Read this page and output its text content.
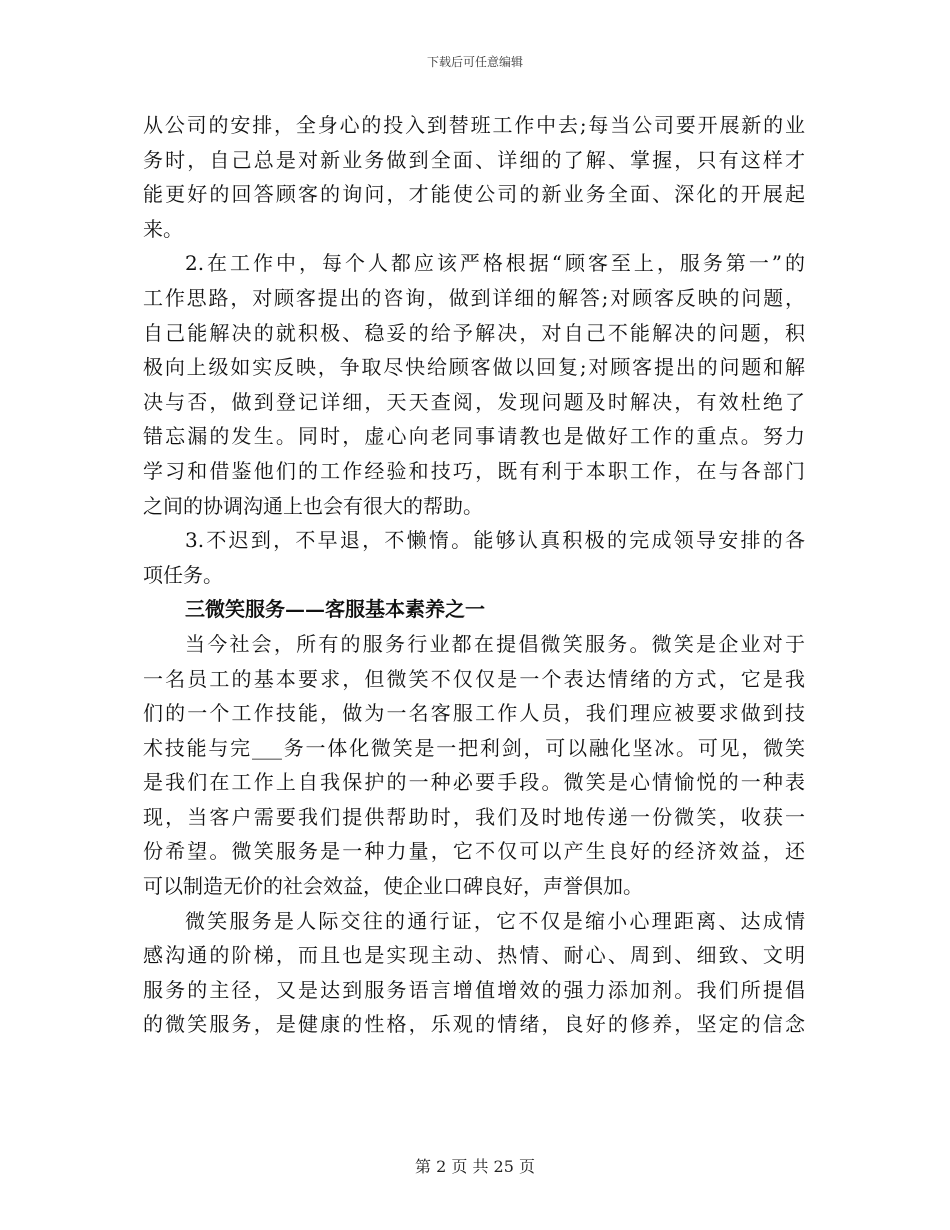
下载后可任意编辑
从公司的安排，全身心的投入到替班工作中去;每当公司要开展新的业
务时，自己总是对新业务做到全面、详细的了解、掌握，只有这样才
能更好的回答顾客的询问，才能使公司的新业务全面、深化的开展起
来。
2.在工作中，每个人都应该严格根据“顾客至上，服务第一”的
工作思路，对顾客提出的咨询，做到详细的解答;对顾客反映的问题，
自己能解决的就积极、稳妥的给予解决，对自己不能解决的问题，积
极向上级如实反映，争取尽快给顾客做以回复;对顾客提出的问题和解
决与否，做到登记详细，天天查阅，发现问题及时解决，有效杜绝了
错忘漏的发生。同时，虚心向老同事请教也是做好工作的重点。努力
学习和借鉴他们的工作经验和技巧，既有利于本职工作，在与各部门
之间的协调沟通上也会有很大的帮助。
3.不迟到，不早退，不懒惰。能够认真积极的完成领导安排的各
项任务。
三微笑服务——客服基本素养之一
当今社会，所有的服务行业都在提倡微笑服务。微笑是企业对于
一名员工的基本要求，但微笑不仅仅是一个表达情绪的方式，它是我
们的一个工作技能，做为一名客服工作人员，我们理应被要求做到技
术技能与完___务一体化微笑是一把利剑，可以融化坚冰。可见，微笑
是我们在工作上自我保护的一种必要手段。微笑是心情愉悦的一种表
现，当客户需要我们提供帮助时，我们及时地传递一份微笑，收获一
份希望。微笑服务是一种力量，它不仅可以产生良好的经济效益，还
可以制造无价的社会效益，使企业口碑良好，声誉倶加。
微笑服务是人际交往的通行证，它不仅是缩小心理距离、达成情
感沟通的阶梯，而且也是实现主动、热情、耐心、周到、细致、文明
服务的主径，又是达到服务语言增值增效的强力添加剂。我们所提倡
的微笑服务，是健康的性格，乐观的情绪，良好的修养，坚定的信念
第 2 页 共 25 页
